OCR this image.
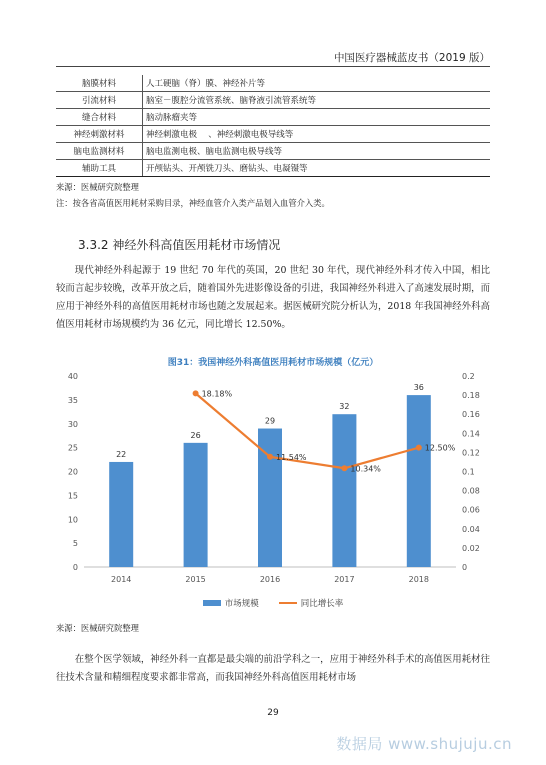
中国医疗器械蓝皮书（2019 版）
脑膜材料	人工硬脑（脊）膜、神经补片等
引流材料	脑室－腹腔分流管系统、脑脊液引流管系统等
缝合材料	脑动脉瘤夹等
神经刺激材料	神经刺激电极 　、神经刺激电极导线等
脑电监测材料	脑电监测电极、脑电监测电极导线等
辅助工具	开颅钻头、开颅铣刀头、磨钻头、电凝镊等
来源：医械研究院整理
注：按各省高值医用耗材采购目录，神经血管介入类产品划入血管介入类。
3.3.2 神经外科高值医用耗材市场情况

现代神经外科起源于 19 世纪 70 年代的英国，20 世纪 30 年代，现代神经外科才传入中国，相比较而言起步较晚，改革开放之后，随着国外先进影像设备的引进，我国神经外科进入了高速发展时期，而应用于神经外科的高值医用耗材市场也随之发展起来。据医械研究院分析认为，2018 年我国神经外科高值医用耗材市场规模约为 36 亿元，同比增长 12.50%。

图31：我国神经外科高值医用耗材市场规模（亿元）
0
5
10
15
20
25
30
35
40
0
0.02
0.04
0.06
0.08
0.1
0.12
0.14
0.16
0.18
0.2
2014	2015	2016	2017	2018
22
26
29
32
36
18.18%
11.54%
10.34%
12.50%
市场规模	同比增长率
来源：医械研究院整理

在整个医学领域，神经外科一直都是最尖端的前沿学科之一，应用于神经外科手术的高值医用耗材往往技术含量和精细程度要求都非常高，而我国神经外科高值医用耗材市场

29
数据局 www.shujuju.cn
